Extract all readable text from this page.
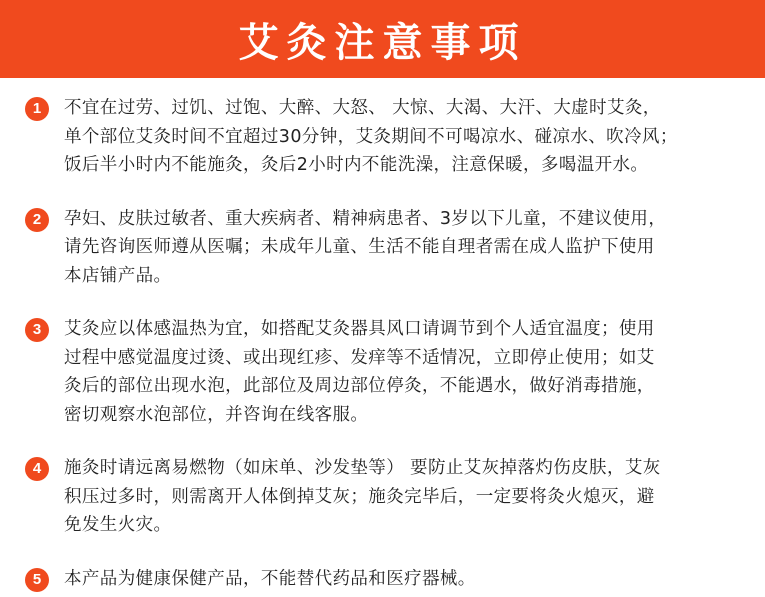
艾灸注意事项
1	不宜在过劳、过饥、过饱、大醉、大怒、 大惊、大渴、大汗、大虚时艾灸，
单个部位艾灸时间不宜超过30分钟，艾灸期间不可喝凉水、碰凉水、吹冷风；
饭后半小时内不能施灸，灸后2小时内不能洗澡，注意保暖，多喝温开水。
2	孕妇、皮肤过敏者、重大疾病者、精神病患者、3岁以下儿童，不建议使用，
请先咨询医师遵从医嘱；未成年儿童、生活不能自理者需在成人监护下使用
本店铺产品。
3	艾灸应以体感温热为宜，如搭配艾灸器具风口请调节到个人适宜温度；使用
过程中感觉温度过烫、或出现红疹、发痒等不适情况，立即停止使用；如艾
灸后的部位出现水泡，此部位及周边部位停灸，不能遇水，做好消毒措施，
密切观察水泡部位，并咨询在线客服。
4	施灸时请远离易燃物（如床单、沙发垫等） 要防止艾灰掉落灼伤皮肤，艾灰
积压过多时，则需离开人体倒掉艾灰；施灸完毕后，一定要将灸火熄灭，避
免发生火灾。
5	本产品为健康保健产品，不能替代药品和医疗器械。
